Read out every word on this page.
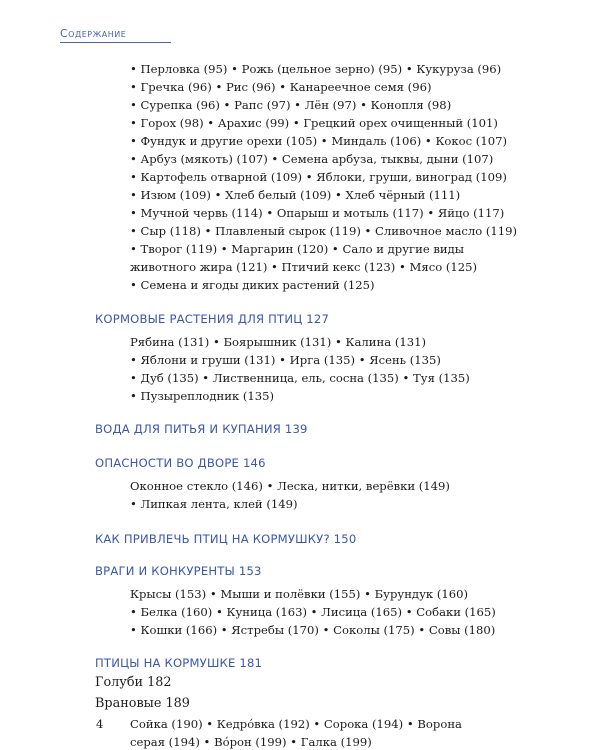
Содержание
• Перловка (95) • Рожь (цельное зерно) (95) • Кукуруза (96)
• Гречка (96) • Рис (96) • Канареечное семя (96)
• Сурепка (96) • Рапс (97) • Лён (97) • Конопля (98)
• Горох (98) • Арахис (99) • Грецкий орех очищенный (101)
• Фундук и другие орехи (105) • Миндаль (106) • Кокос (107)
• Арбуз (мякоть) (107) • Семена арбуза, тыквы, дыни (107)
• Картофель отварной (109) • Яблоки, груши, виноград (109)
• Изюм (109) • Хлеб белый (109) • Хлеб чёрный (111)
• Мучной червь (114) • Опарыш и мотыль (117) • Яйцо (117)
• Сыр (118) • Плавленый сырок (119) • Сливочное масло (119)
• Творог (119) • Маргарин (120) • Сало и другие виды
животного жира (121) • Птичий кекс (123) • Мясо (125)
• Семена и ягоды диких растений (125)
КОРМОВЫЕ РАСТЕНИЯ ДЛЯ ПТИЦ 127
Рябина (131) • Боярышник (131) • Калина (131)
• Яблони и груши (131) • Ирга (135) • Ясень (135)
• Дуб (135) • Лиственница, ель, сосна (135) • Туя (135)
• Пузыреплодник (135)
ВОДА ДЛЯ ПИТЬЯ И КУПАНИЯ 139
ОПАСНОСТИ ВО ДВОРЕ 146
Оконное стекло (146) • Леска, нитки, верёвки (149)
• Липкая лента, клей (149)
КАК ПРИВЛЕЧЬ ПТИЦ НА КОРМУШКУ? 150
ВРАГИ И КОНКУРЕНТЫ 153
Крысы (153) • Мыши и полёвки (155) • Бурундук (160)
• Белка (160) • Куница (163) • Лисица (165) • Собаки (165)
• Кошки (166) • Ястребы (170) • Соколы (175) • Совы (180)
ПТИЦЫ НА КОРМУШКЕ 181
Голуби 182
Врановые 189
Сойка (190) • Кедрóвка (192) • Сорока (194) • Ворона
серая (194) • Вóрон (199) • Галка (199)
4
